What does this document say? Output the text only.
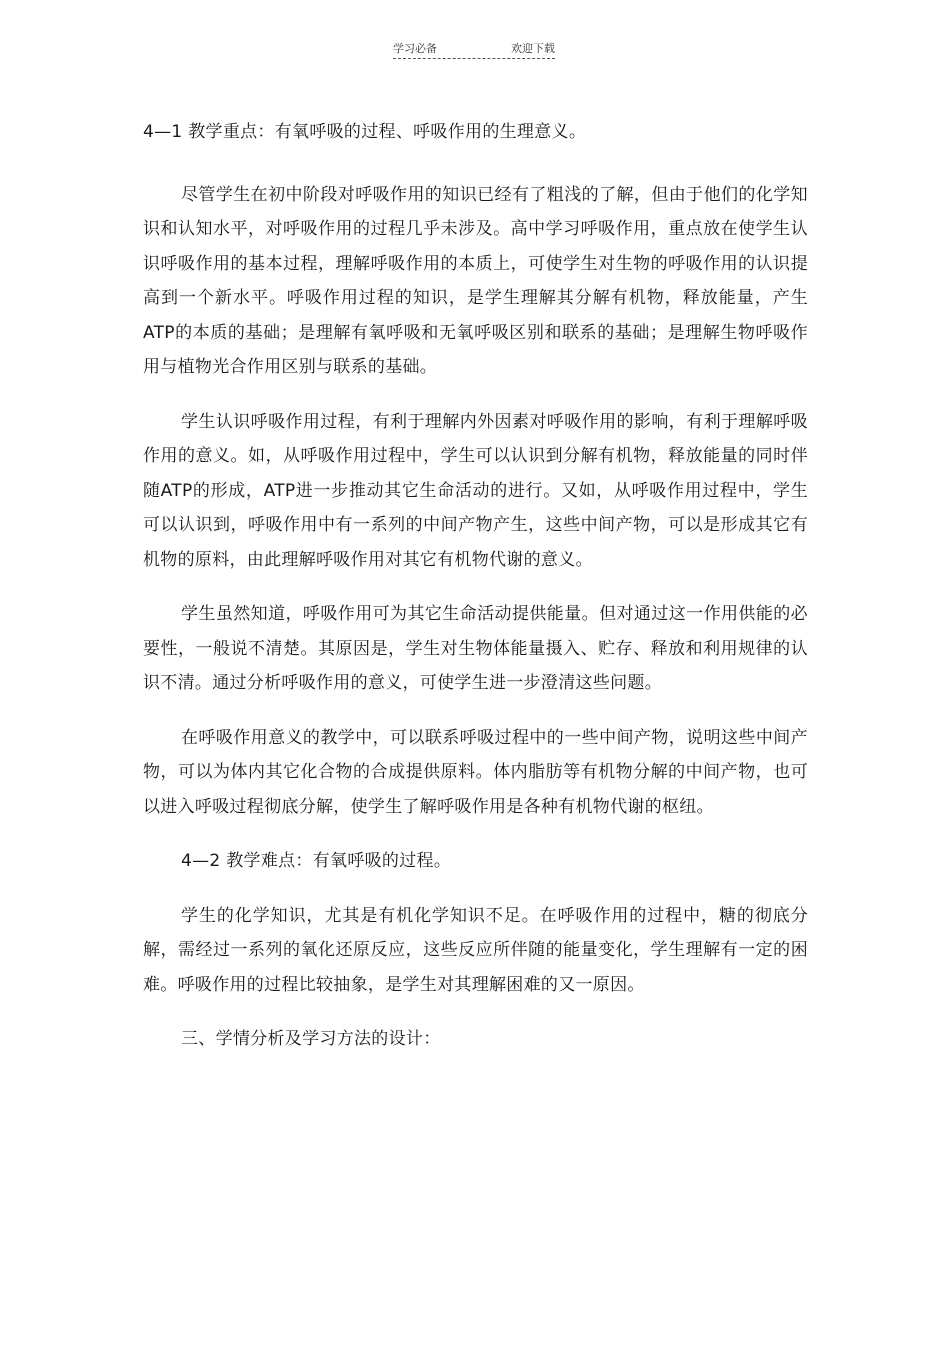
学习必备	欢迎下载

4—1 教学重点：有氧呼吸的过程、呼吸作用的生理意义。

尽管学生在初中阶段对呼吸作用的知识已经有了粗浅的了解，但由于他们的化学知识和认知水平，对呼吸作用的过程几乎未涉及。高中学习呼吸作用，重点放在使学生认识呼吸作用的基本过程，理解呼吸作用的本质上，可使学生对生物的呼吸作用的认识提高到一个新水平。呼吸作用过程的知识，是学生理解其分解有机物，释放能量，产生ATP的本质的基础；是理解有氧呼吸和无氧呼吸区别和联系的基础；是理解生物呼吸作用与植物光合作用区别与联系的基础。

学生认识呼吸作用过程，有利于理解内外因素对呼吸作用的影响，有利于理解呼吸作用的意义。如，从呼吸作用过程中，学生可以认识到分解有机物，释放能量的同时伴随ATP的形成，ATP进一步推动其它生命活动的进行。又如，从呼吸作用过程中，学生可以认识到，呼吸作用中有一系列的中间产物产生，这些中间产物，可以是形成其它有机物的原料，由此理解呼吸作用对其它有机物代谢的意义。

学生虽然知道，呼吸作用可为其它生命活动提供能量。但对通过这一作用供能的必要性，一般说不清楚。其原因是，学生对生物体能量摄入、贮存、释放和利用规律的认识不清。通过分析呼吸作用的意义，可使学生进一步澄清这些问题。

在呼吸作用意义的教学中，可以联系呼吸过程中的一些中间产物，说明这些中间产物，可以为体内其它化合物的合成提供原料。体内脂肪等有机物分解的中间产物，也可以进入呼吸过程彻底分解，使学生了解呼吸作用是各种有机物代谢的枢纽。

4—2 教学难点：有氧呼吸的过程。

学生的化学知识，尤其是有机化学知识不足。在呼吸作用的过程中，糖的彻底分解，需经过一系列的氧化还原反应，这些反应所伴随的能量变化，学生理解有一定的困难。呼吸作用的过程比较抽象，是学生对其理解困难的又一原因。

三、学情分析及学习方法的设计：
